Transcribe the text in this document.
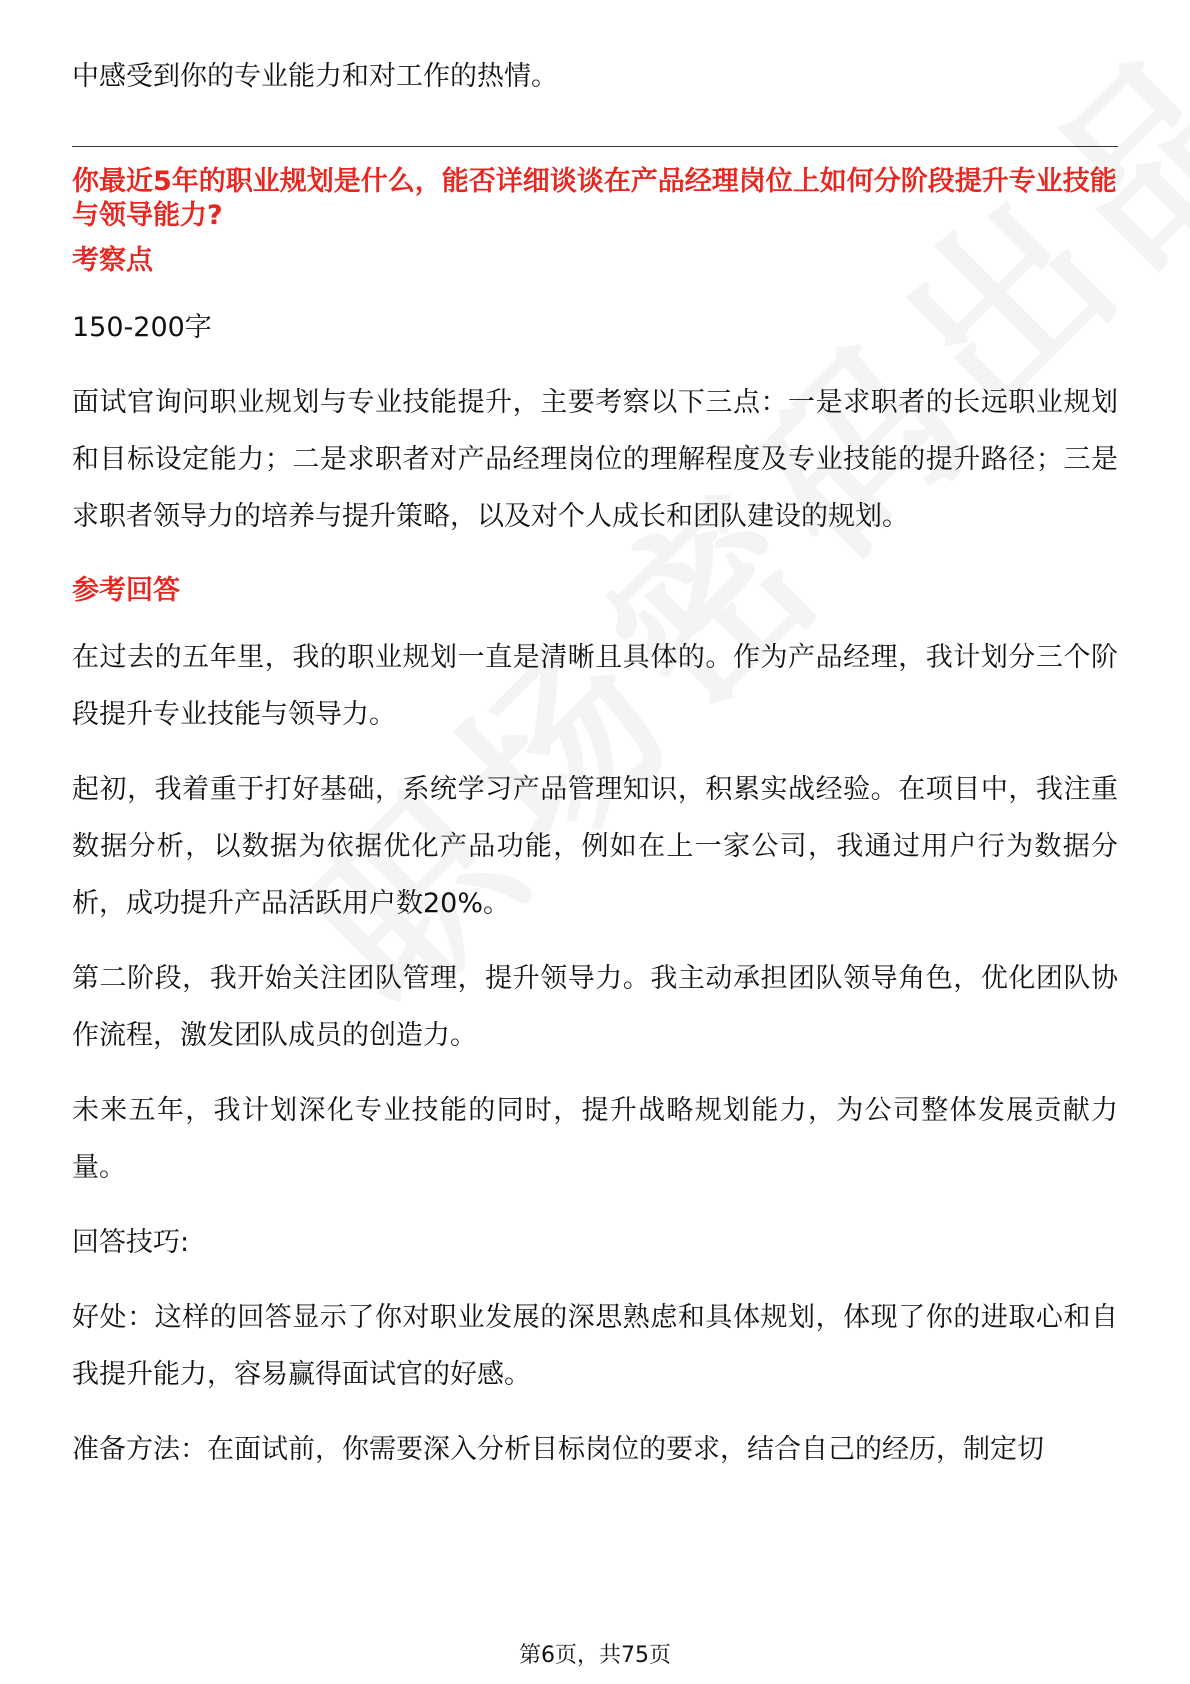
中感受到你的专业能力和对工作的热情。

你最近5年的职业规划是什么，能否详细谈谈在产品经理岗位上如何分阶段提升专业技能与领导能力?

考察点

150-200字

面试官询问职业规划与专业技能提升，主要考察以下三点：一是求职者的长远职业规划和目标设定能力；二是求职者对产品经理岗位的理解程度及专业技能的提升路径；三是求职者领导力的培养与提升策略，以及对个人成长和团队建设的规划。

参考回答

在过去的五年里，我的职业规划一直是清晰且具体的。作为产品经理，我计划分三个阶段提升专业技能与领导力。

起初，我着重于打好基础，系统学习产品管理知识，积累实战经验。在项目中，我注重数据分析，以数据为依据优化产品功能，例如在上一家公司，我通过用户行为数据分析，成功提升产品活跃用户数20%。

第二阶段，我开始关注团队管理，提升领导力。我主动承担团队领导角色，优化团队协作流程，激发团队成员的创造力。

未来五年，我计划深化专业技能的同时，提升战略规划能力，为公司整体发展贡献力量。

回答技巧:

好处：这样的回答显示了你对职业发展的深思熟虑和具体规划，体现了你的进取心和自我提升能力，容易赢得面试官的好感。

准备方法：在面试前，你需要深入分析目标岗位的要求，结合自己的经历，制定切

第6页，共75页
